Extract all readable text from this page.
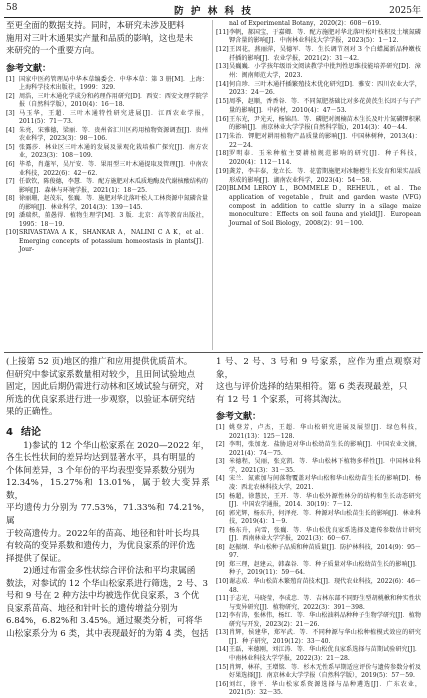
58	防 护 林 科 技	2025年

至更全面的数据支持。同时，本研究未涉及肥料

施用对三叶木通果实产量和品质的影响，这也是未

来研究的一个重要方向。

参考文献：
[1] 国家中医药管理局中华本草编委会．中华本草：第 3 册[M]．上海：上海科学技术出版社，1999：329.
[2] 周浩，三叶木通化学成分和药理作用研究[D]．西安：西安文理学院学报（自然科学版），2010(4)：16－18.
[3] 马玉华，王超．三叶木通特性研究进展[J]．江西农业学报，2011(5)：71－73.
[4] 朱亮，宋雅德，梁丽．等．贵州省汇川区药用植物资源调查[J]．贵州农业科学，2023(3)：98－106.
[5] 张露莎．林业区三叶木通的发展及景观化栽培推广探究[J]．南方农业，2023(3)：108－109.
[6] 毕希，肖蓬军，吴厅安．等．果用型三叶木通提取及管理[J]．中南农业科技，2022(6)：42－62.
[7] 任欲钦，陈俊德，李慧．等．配方施肥对木瓜质地酶及代谢核酸结构的影响[J]．森林与环境学报，2021(1)：18－25.
[8] 徐丽珊，赵茂东，张巍．等．施肥对华北落叶松人工林资源中氮磷含量的影响[J]．林业科学，2014(3)：139－145.
[9] 潘瑞炽，董愚得．植物生理学[M]．3 版．北京：高等教育出版社，1995：18－19.
[10] SRIVASTAVA A K，SHANKAR A，NALINI C A K，et al．Emerging concepts of potassium homeostasis in plants[J]．Jour-

nal of Experimental Botany，2020(2)：608－619.

[11] 李帆，郝国宝，于嘉卿．等．配方施肥对华北落叶松叶枝积及土壤氮磷钾含量的影响[J]．中南林业科技大学学报，2023(5)：1－12.
[12] 王因花，燕丽萍，吴德军．等．生长调节剂对 3 个白蜡属新品种嫩枝扦插的影响[J]．农业学报，2021(2)：31－42.
[13] 吴巍巍．小学孩年级语文阅读教学中批判性思维技能培养研究[D]．漳州：闽南师范大学，2023.
[14] 何自珍．三叶木通扦插繁殖技术优化研究[D]．雅安：四川农业大学，2023：24－26.
[15] 周季，赵顺，香香谷．等．不同氮肥基础比对多花黄芪生长因子与子产量的影响[J]．中药材，2010(4)：47－53.
[16] 王东光，尹光天，杨锦昌．等．磷肥对闽楠苗木生长及叶片氮磷钾积累的影响[J]．南京林业大学学报(自然科学版)，2014(3)：40－44.
[17] 朱治．钾肥对耕用植物产品质量的影响[J]．中国林树种，2013(4)：22－24.
[18] 罗明泰．玉米种植主要耕植规范影响的研究[J]．种子科技，2020(4)：112－114.
[19] 龚芳，李丰泰，龙立长．等．花蕾期施肥对冰糖橙生长发育和果实品质形成的影响[J]．湖南农业科学，2023(4)：54－58.
[20] BLMM LEROY L，BOMMELE D，REHEUL，et al．The application of vegetable，fruit and garden waste (VFG) compost in addition to cattle slurry in a silage maize monoculture：Effects on soil fauna and yield[J]．European Journal of Soil Biology，2008(2)：91－100.

(上接第 52 页)地区的推广和应用提供优质苗木。

但研究中参试家系数量相对较少，且田间试验地点

固定，因此后期仍需进行动林和区域试验与研究，对

所选的优良家系进行进一步观察，以验证本研究结

果的正确性。

4 结论

1)参试的 12 个华山松家系在 2020—2022 年，

各生长性状间的差异均达到显著水平，具有明显的

个体间差异，3 个年份的平均表型变异系数分别为

12.34%，15.27%和 13.01%，属于较大变异系数，

平均遗传力分别为 77.53%，71.33%和 74.21%，属

于较高遗传力。2022年的苗高、地径和针叶长均具

有较高的变异系数和遗传力，为优良家系的评价选

择提供了保证。

2)通过布雷金多性状综合评价法和平均隶属函

数法，对参试的 12 个华山松家系进行筛选，2 号、3

号和 9 号在 2 种方法中均被选作优良家系，3 个优

良家系苗高、地径和针叶长的遗传增益分别为

6.84%，6.82%和 3.45%。通过聚类分析，可将华

山松家系分为 6 类，其中表现最好的为第 4 类，包括

1 号、2 号、3 号和 9 号家系，应作为重点观察对象，

这也与评价选择的结果相符。第 6 类表现最差，只

有 12 号 1 个家系，可将其淘汰。

参考文献：
[1] 姚登芳，卢杰，王超．华山松研究进展及展望[J]．绿色科技，2021(13)：125－128.
[2] 李明，张加龙．盐胁迫对华山松幼苗生长的影响[J]．中国农业文摘，2021(4)：74－75.
[3] 米德程，吴丽，张克凯．等．华山松林下植物多样性[J]．中国林业科学，2021(3)：31－35.
[4] 宋兰．氮素加与间落物覆盖对华山松和华山松幼苗生长的影响[D]．杨凌：西北农林科技大学，2021.
[5] 杨超，徐慧民，王开．等．华山松外源性林分的结构和生长动态研究[J]．中国农学通报，2014．30(19)：7－12.
[6] 郭光辉，杨东升，何泽亮．等．种源对华山松苗生长的影响[J]．林业科技，2019(4)：1－9.
[7] 杨东升，向雪，张巍．等．华山松优良家系选择及遗传参数估计研究[J]．西南林业大学学报，2021(3)：60－67.
[8] 赵振纲．华山松种子品质和种苗质量[J]．防护林科技，2014(9)：95－97.
[9] 郑三理，赵建云，韩森谷．等．种子质量对华山松幼苗生长的影响[J]．种子，2019(11)：59－64.
[10] 谢志成．华山松苗木繁殖育苗技术[J]．现代农业科技，2022(6)：46－48.
[11] 于志光，马晓莹，李成忠．等．吉林东部不同野生型胡桃楸和种实性状与变异研究[J]．植物研究，2022(3)：391－398.
[12] 李有涛，张林伟，杨红．等．华山松油料品种种子生物学研究[J]．植物研究与开发，2023(2)：21－26.
[13] 肖辉，侯建华，郑军武．等．不同种源与华山松种植模式效应的研究[J]．种子研究，2019(12)：33－40.
[14] 王磊，米德刚，刘江涛．等．华山松优良家系选择与苗期试验研究[J]．中南林业科技大学学报，2022(3)：21－28.
[15] 肖辉，林祥，王增铭．等．杉木无性系早期适应评价与遗传参数分析及好果选择[J]．南京林业大学学报（自然科学版），2019(5)：57－59.
[16] 刘红，徐平．华山松家系资源选择与品种遴选[J]．广东农业，2021(5)：32－35.
